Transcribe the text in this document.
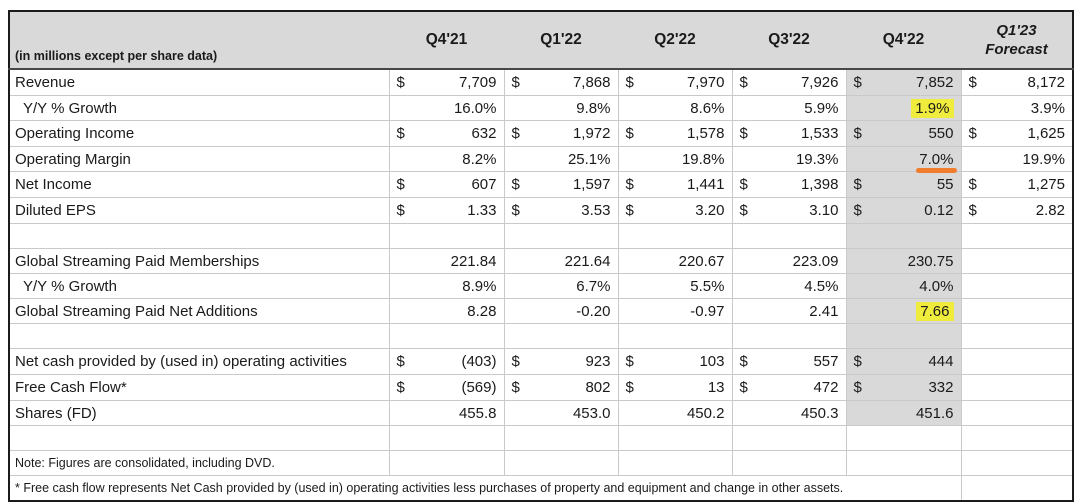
(in millions except per share data)	Q4'21	Q1'22	Q2'22	Q3'22	Q4'22	Q1'23
Forecast

Revenue	$ 7,709	$ 7,868	$ 7,970	$ 7,926	$ 7,852	$ 8,172

Y/Y % Growth	16.0%	9.8%	8.6%	5.9%	1.9%	3.9%
Operating Income	$ 632	$ 1,972	$ 1,578	$ 1,533	$ 550	$ 1,625

Operating Margin	8.2%	25.1%	19.8%	19.3%	7.0%	19.9%
Net Income	$ 607	$ 1,597	$ 1,441	$ 1,398	$ 55	$ 1,275

Diluted EPS	$ 1.33	$ 3.53	$ 3.20	$ 3.10	$ 0.12	$ 2.82

Global Streaming Paid Memberships	221.84	221.64	220.67	223.09	230.75	
Y/Y % Growth	8.9%	6.7%	5.5%	4.5%	4.0%	
Global Streaming Paid Net Additions	8.28	-0.20	-0.97	2.41	7.66	

Net cash provided by (used in) operating activities	$ (403)	$ 923	$ 103	$ 557	$ 444	

Free Cash Flow*	$ (569)	$ 802	$ 13	$ 472	$ 332	

Shares (FD)	455.8	453.0	450.2	450.3	451.6	

Note: Figures are consolidated, including DVD.						
* Free cash flow represents Net Cash provided by (used in) operating activities less purchases of property and equipment and change in other assets.						
